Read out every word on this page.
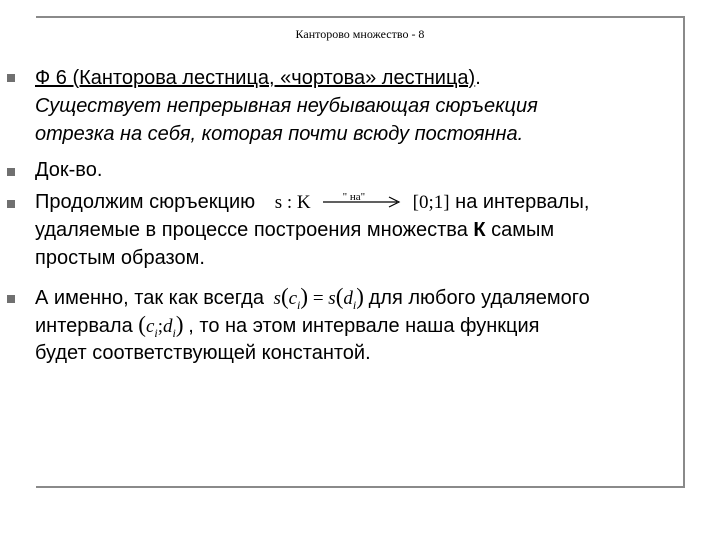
Канторово множество - 8
Ф 6 (Канторова лестница, «чортова» лестница).
Существует непрерывная неубывающая сюръекция
отрезка на себя, которая почти всюду постоянна.
Док-во.
Продолжим сюръекцию s : K	" на"	[0;1] на интервалы,
удаляемые в процессе построения множества К самым
простым образом.
А именно, так как всегда $s(c_i) = s(d_i)$ для любого удаляемого
интервала $(c_i;d_i)$ , то на этом интервале наша функция
будет соответствующей константой.
